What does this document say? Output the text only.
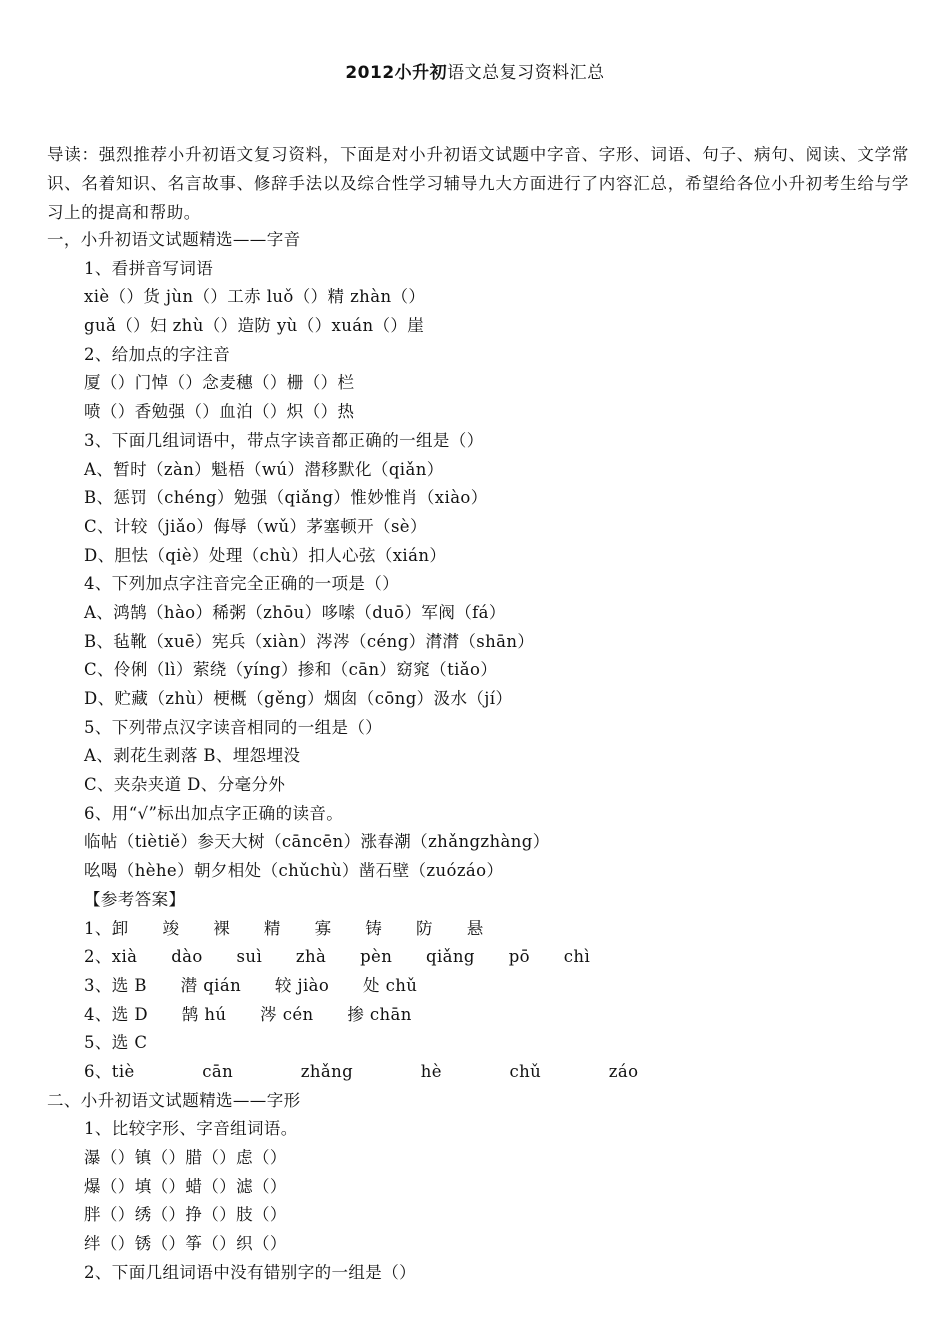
2012小升初语文总复习资料汇总
导读：强烈推荐小升初语文复习资料，下面是对小升初语文试题中字音、字形、词语、句子、病句、阅读、文学常识、名着知识、名言故事、修辞手法以及综合性学习辅导九大方面进行了内容汇总，希望给各位小升初考生给与学习上的提高和帮助。
一，小升初语文试题精选——字音
1、看拼音写词语
xiè（）货 jùn（）工赤 luǒ（）精 zhàn（）
guǎ（）妇 zhù（）造防 yù（）xuán（）崖
2、给加点的字注音
厦（）门悼（）念麦穗（）栅（）栏
喷（）香勉强（）血泊（）炽（）热
3、下面几组词语中，带点字读音都正确的一组是（）
A、暂时（zàn）魁梧（wú）潜移默化（qiǎn）
B、惩罚（chéng）勉强（qiǎng）惟妙惟肖（xiào）
C、计较（jiǎo）侮辱（wǔ）茅塞顿开（sè）
D、胆怯（qiè）处理（chù）扣人心弦（xián）
4、下列加点字注音完全正确的一项是（）
A、鸿鹄（hào）稀粥（zhōu）哆嗦（duō）军阀（fá）
B、毡靴（xuē）宪兵（xiàn）涔涔（céng）潸潸（shān）
C、伶俐（lì）萦绕（yíng）掺和（cān）窈窕（tiǎo）
D、贮藏（zhù）梗概（gěng）烟囱（cōng）汲水（jí）
5、下列带点汉字读音相同的一组是（）
A、剥花生剥落 B、埋怨埋没
C、夹杂夹道 D、分毫分外
6、用“√”标出加点字正确的读音。
临帖（tiètiě）参天大树（cāncēn）涨春潮（zhǎngzhàng）
吆喝（hèhe）朝夕相处（chǔchù）凿石壁（zuózáo）
【参考答案】
1、卸  竣  裸  精  寡  铸  防  悬
2、xià  dào  suì  zhà  pèn  qiǎng  pō  chì
3、选 B  潜 qián  较 jiào  处 chǔ
4、选 D  鹄 hú  涔 cén  掺 chān
5、选 C
6、tiè    cān    zhǎng    hè    chǔ    záo
二、小升初语文试题精选——字形
1、比较字形、字音组词语。
瀑（）镇（）腊（）虑（）
爆（）填（）蜡（）滤（）
胖（）绣（）挣（）肢（）
绊（）锈（）筝（）织（）
2、下面几组词语中没有错别字的一组是（）
